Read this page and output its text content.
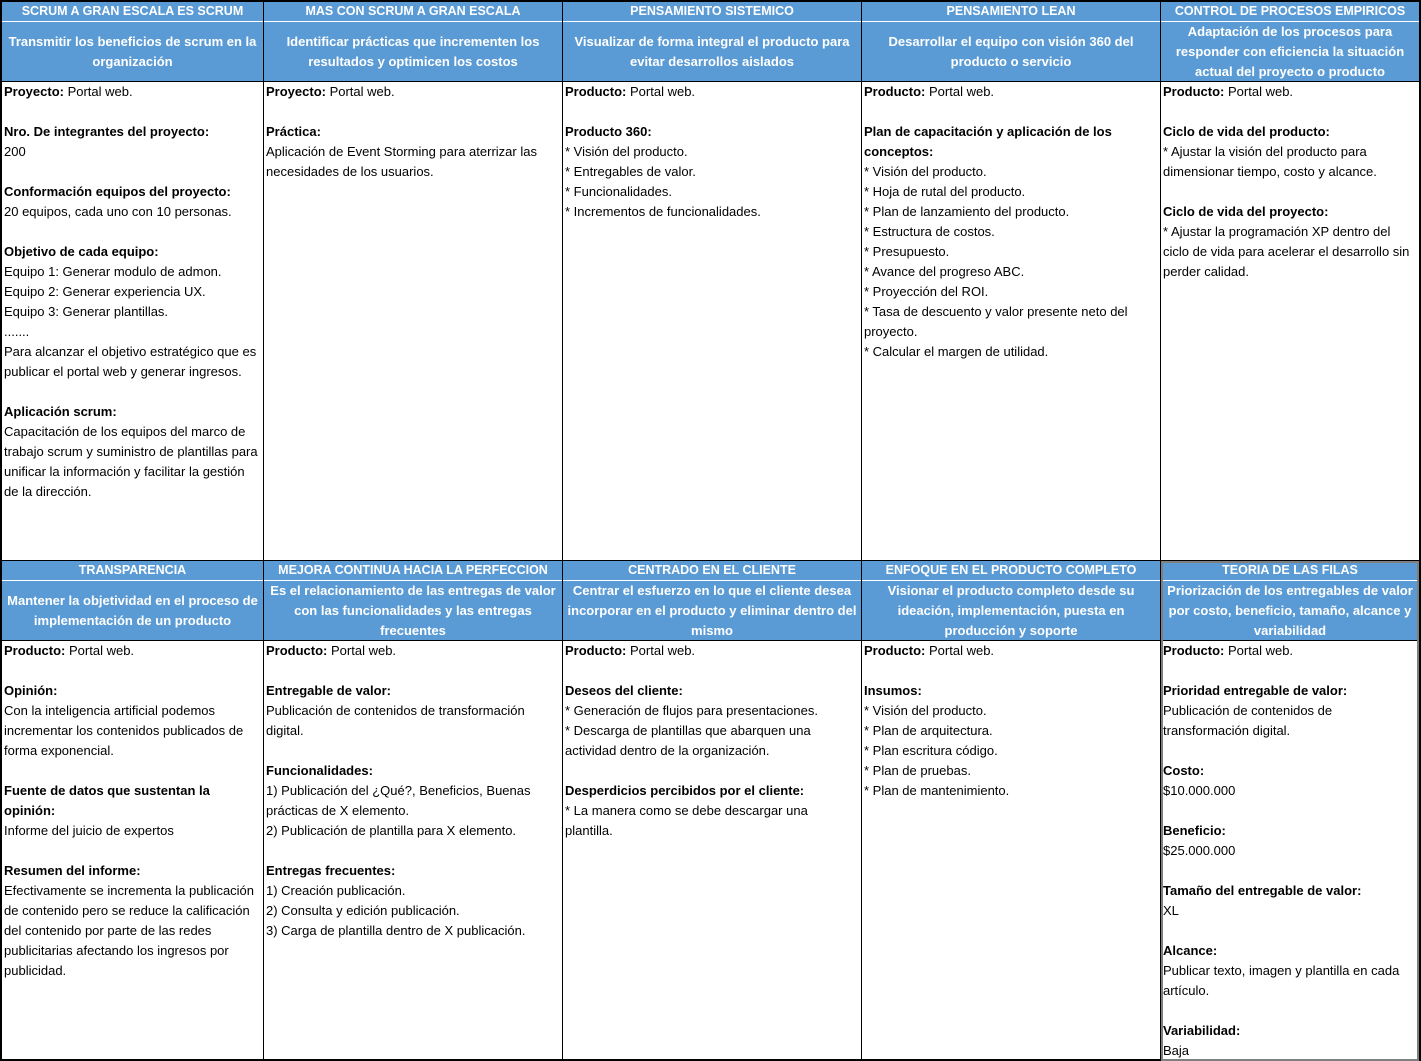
SCRUM A GRAN ESCALA ES SCRUM
Transmitir los beneficios de scrum en la organización
Proyecto: Portal web.
Nro. De integrantes del proyecto:
200
Conformación equipos del proyecto:
20 equipos, cada uno con 10 personas.
Objetivo de cada equipo:
Equipo 1: Generar modulo de admon.
Equipo 2: Generar experiencia UX.
Equipo 3: Generar plantillas.
.......
Para alcanzar el objetivo estratégico que es publicar el portal web y generar ingresos.
Aplicación scrum:
Capacitación de los equipos del marco de trabajo scrum y suministro de plantillas para unificar la información y facilitar la gestión de la dirección.
MAS CON SCRUM A GRAN ESCALA
Identificar prácticas que incrementen los resultados y optimicen los costos
Proyecto: Portal web.
Práctica:
Aplicación de Event Storming para aterrizar las necesidades de los usuarios.
PENSAMIENTO SISTEMICO
Visualizar de forma integral el producto para evitar desarrollos aislados
Producto: Portal web.
Producto 360:
* Visión del producto.
* Entregables de valor.
* Funcionalidades.
* Incrementos de funcionalidades.
PENSAMIENTO LEAN
Desarrollar el equipo con visión 360 del producto o servicio
Producto: Portal web.
Plan de capacitación y aplicación de los conceptos:
* Visión del producto.
* Hoja de rutal del producto.
* Plan de lanzamiento del producto.
* Estructura de costos.
* Presupuesto.
* Avance del progreso ABC.
* Proyección del ROI.
* Tasa de descuento y valor presente neto del proyecto.
* Calcular el margen de utilidad.
CONTROL DE PROCESOS EMPIRICOS
Adaptación de los procesos para responder con eficiencia la situación actual del proyecto o producto
Producto: Portal web.
Ciclo de vida del producto:
* Ajustar la visión del producto para dimensionar tiempo, costo y alcance.
Ciclo de vida del proyecto:
* Ajustar la programación XP dentro del ciclo de vida para acelerar el desarrollo sin perder calidad.
TRANSPARENCIA
Mantener la objetividad en el proceso de implementación de un producto
Producto: Portal web.
Opinión:
Con la inteligencia artificial podemos incrementar los contenidos publicados de forma exponencial.
Fuente de datos que sustentan la opinión:
Informe del juicio de expertos
Resumen del informe:
Efectivamente se incrementa la publicación de contenido pero se reduce la calificación del contenido por parte de las redes publicitarias afectando los ingresos por publicidad.
MEJORA CONTINUA HACIA LA PERFECCION
Es el relacionamiento de las entregas de valor con las funcionalidades y las entregas frecuentes
Producto: Portal web.
Entregable de valor:
Publicación de contenidos de transformación digital.
Funcionalidades:
1) Publicación del ¿Qué?, Beneficios, Buenas prácticas de X elemento.
2) Publicación de plantilla para X elemento.
Entregas frecuentes:
1) Creación publicación.
2) Consulta y edición publicación.
3) Carga de plantilla dentro de X publicación.
CENTRADO EN EL CLIENTE
Centrar el esfuerzo en lo que el cliente desea incorporar en el producto y eliminar dentro del mismo
Producto: Portal web.
Deseos del cliente:
* Generación de flujos para presentaciones.
* Descarga de plantillas que abarquen una actividad dentro de la organización.
Desperdicios percibidos por el cliente:
* La manera como se debe descargar una plantilla.
ENFOQUE EN EL PRODUCTO COMPLETO
Visionar el producto completo desde su ideación, implementación, puesta en producción y soporte
Producto: Portal web.
Insumos:
* Visión del producto.
* Plan de arquitectura.
* Plan escritura código.
* Plan de pruebas.
* Plan de mantenimiento.
TEORIA DE LAS FILAS
Priorización de los entregables de valor por costo, beneficio, tamaño, alcance y variabilidad
Producto: Portal web.
Prioridad entregable de valor:
Publicación de contenidos de transformación digital.
Costo:
$10.000.000
Beneficio:
$25.000.000
Tamaño del entregable de valor:
XL
Alcance:
Publicar texto, imagen y plantilla en cada artículo.
Variabilidad:
Baja
